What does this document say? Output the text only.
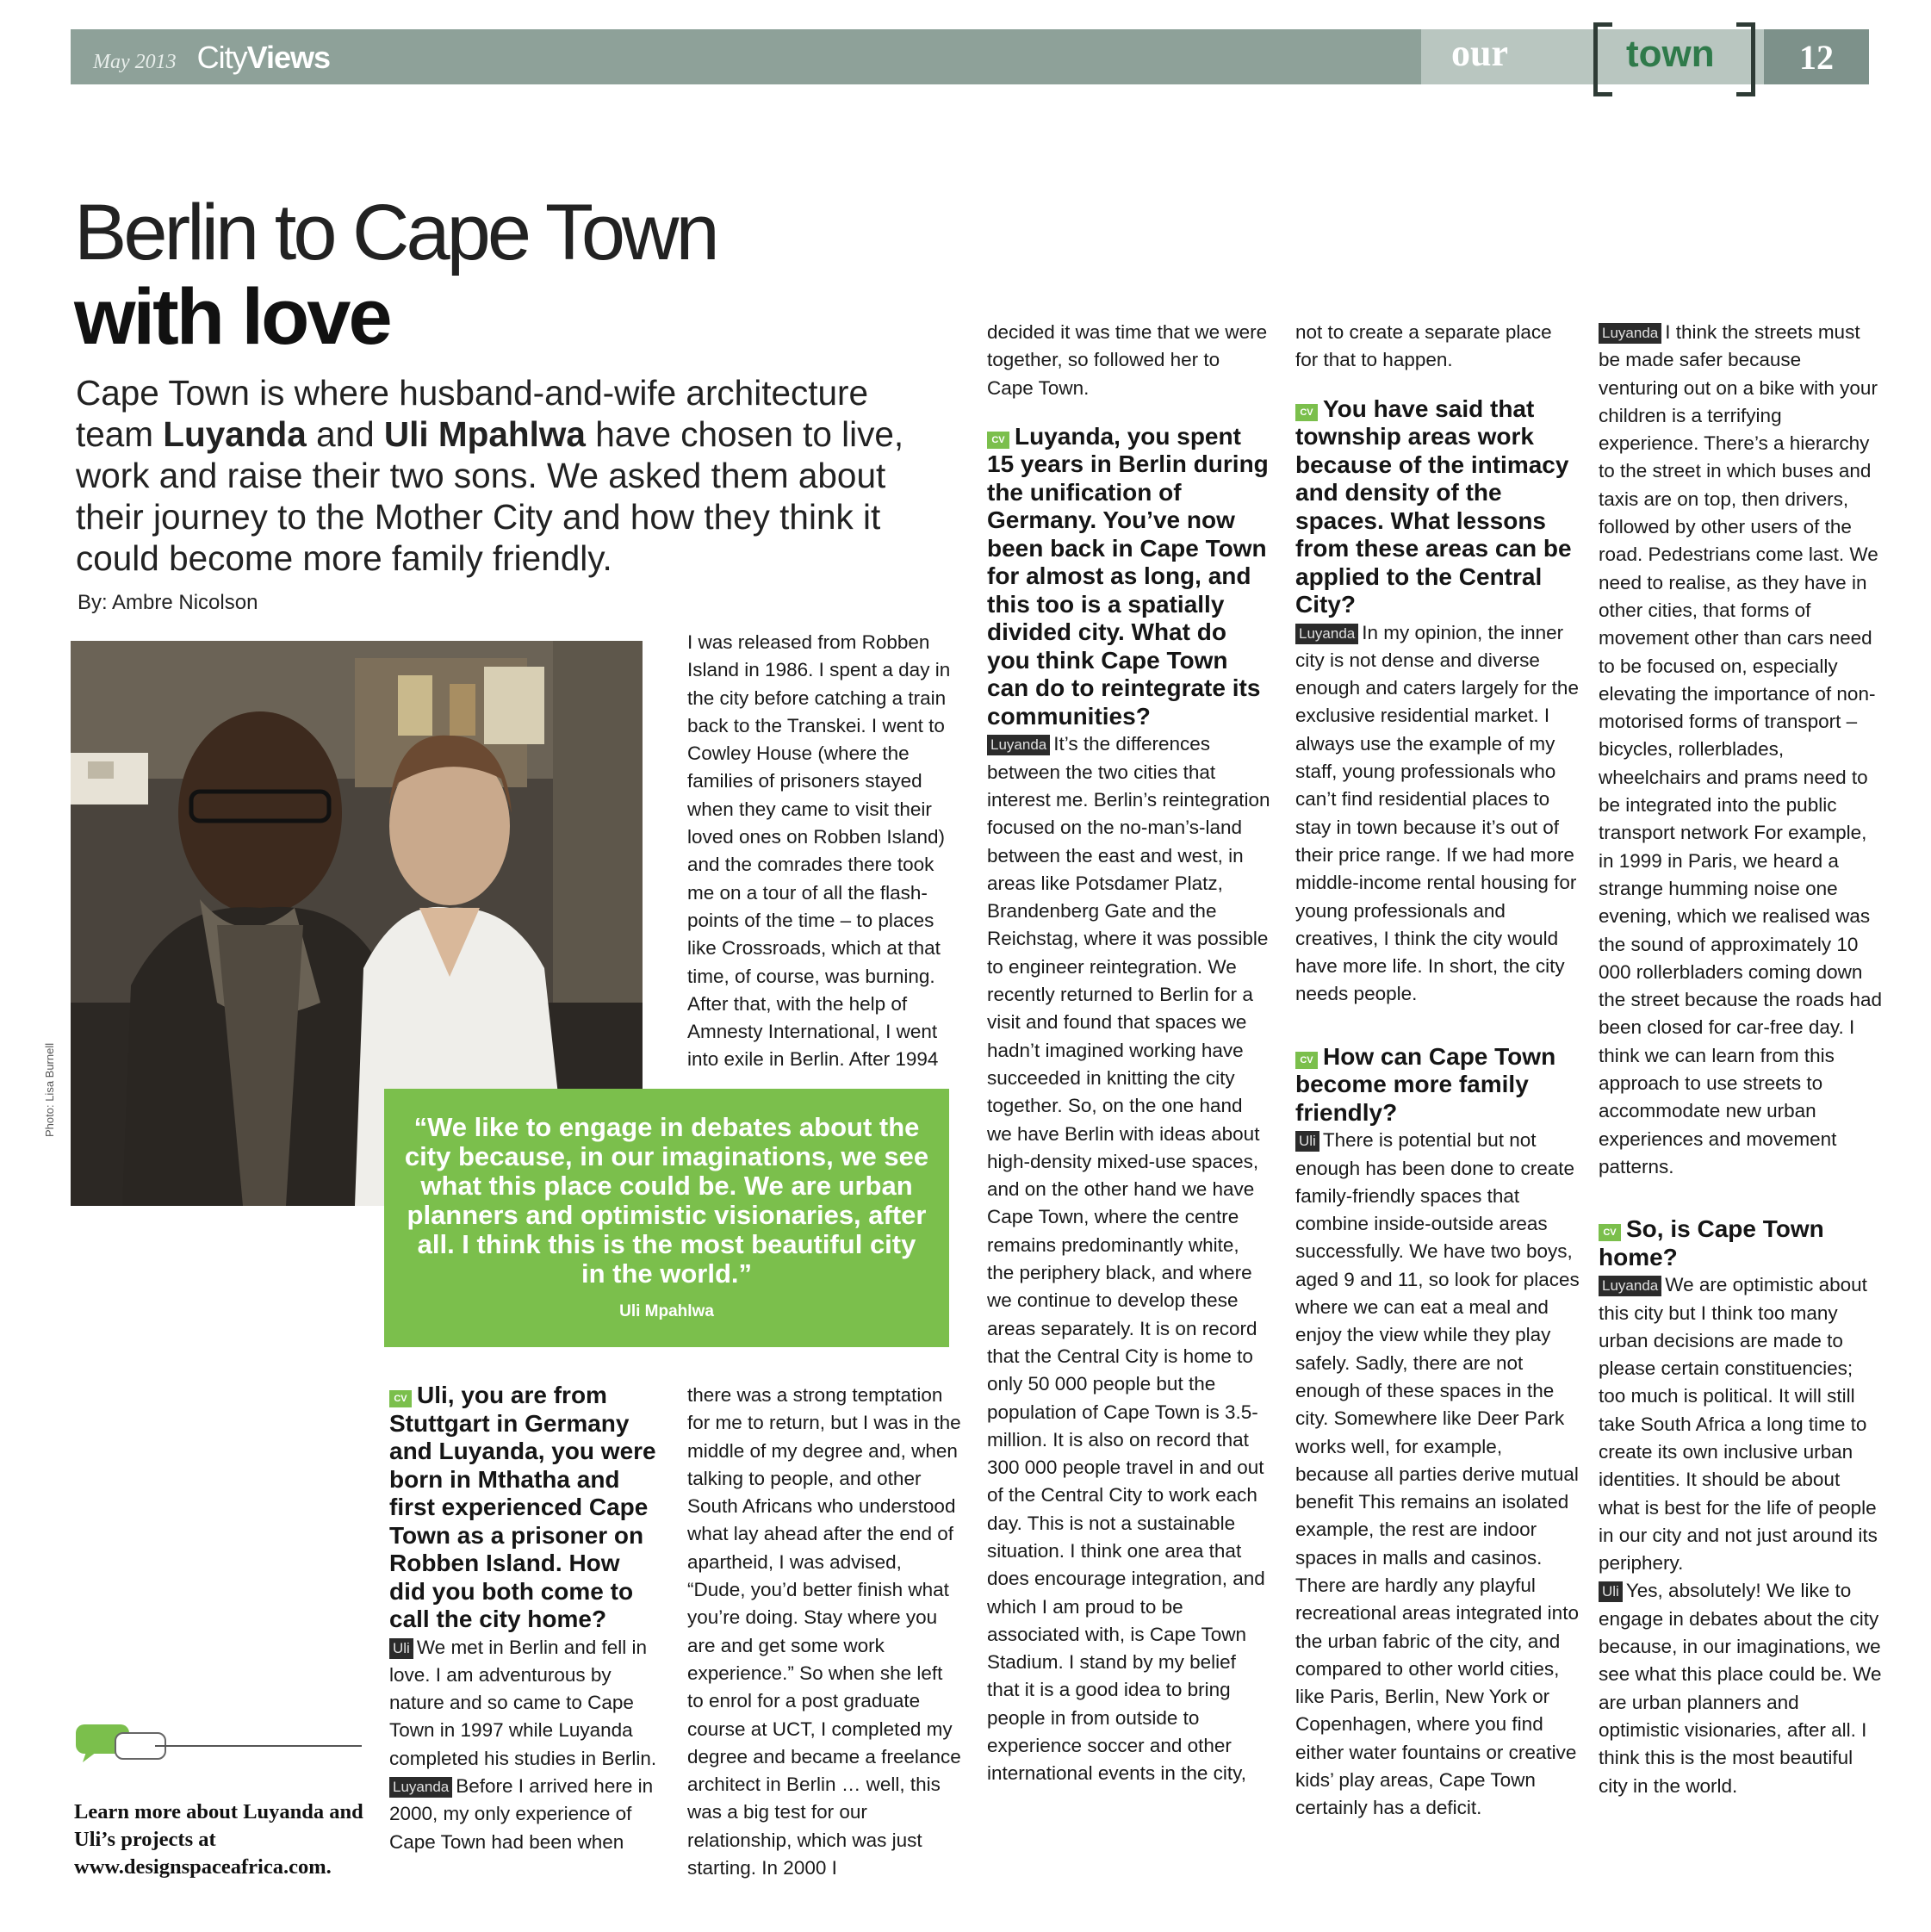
May 2013 CityViews	our	town	12
Berlin to Cape Town
with love
Cape Town is where husband-and-wife architecture team Luyanda and Uli Mpahlwa have chosen to live, work and raise their two sons. We asked them about their journey to the Mother City and how they think it could become more family friendly.
By: Ambre Nicolson
Photo: Lisa Burnell	“We like to engage in debates about the city because, in our imaginations, we see what this place could be. We are urban planners and optimistic visionaries, after all. I think this is the most beautiful city in the world.”
Uli Mpahlwa

I was released from Robben Island in 1986. I spent a day in the city before catching a train back to the Transkei. I went to Cowley House (where the families of prisoners stayed when they came to visit their loved ones on Robben Island) and the comrades there took me on a tour of all the flash-points of the time – to places like Crossroads, which at that time, of course, was burning. After that, with the help of Amnesty International, I went into exile in Berlin. After 1994

CV Uli, you are from Stuttgart in Germany and Luyanda, you were born in Mthatha and first experienced Cape Town as a prisoner on Robben Island. How did you both come to call the city home?

Uli We met in Berlin and fell in love. I am adventurous by nature and so came to Cape Town in 1997 while Luyanda completed his studies in Berlin.

Luyanda Before I arrived here in 2000, my only experience of Cape Town had been when

there was a strong temptation for me to return, but I was in the middle of my degree and, when talking to people, and other South Africans who understood what lay ahead after the end of apartheid, I was advised, “Dude, you’d better finish what you’re doing. Stay where you are and get some work experience.” So when she left to enrol for a post graduate course at UCT, I completed my degree and became a freelance architect in Berlin … well, this was a big test for our relationship, which was just starting. In 2000 I

decided it was time that we were together, so followed her to Cape Town.

CV Luyanda, you spent 15 years in Berlin during the unification of Germany. You’ve now been back in Cape Town for almost as long, and this too is a spatially divided city. What do you think Cape Town can do to reintegrate its communities?

Luyanda It’s the differences between the two cities that interest me. Berlin’s reintegration focused on the no-man’s-land between the east and west, in areas like Potsdamer Platz, Brandenberg Gate and the Reichstag, where it was possible to engineer reintegration. We recently returned to Berlin for a visit and found that spaces we hadn’t imagined working have succeeded in knitting the city together. So, on the one hand we have Berlin with ideas about high-density mixed-use spaces, and on the other hand we have Cape Town, where the centre remains predominantly white, the periphery black, and where we continue to develop these areas separately. It is on record that the Central City is home to only 50 000 people but the population of Cape Town is 3.5-million. It is also on record that 300 000 people travel in and out of the Central City to work each day. This is not a sustainable situation. I think one area that does encourage integration, and which I am proud to be associated with, is Cape Town Stadium. I stand by my belief that it is a good idea to bring people in from outside to experience soccer and other international events in the city,

not to create a separate place for that to happen.

CV You have said that township areas work because of the intimacy and density of the spaces. What lessons from these areas can be applied to the Central City?

Luyanda In my opinion, the inner city is not dense and diverse enough and caters largely for the exclusive residential market. I always use the example of my staff, young professionals who can’t find residential places to stay in town because it’s out of their price range. If we had more middle-income rental housing for young professionals and creatives, I think the city would have more life. In short, the city needs people.

CV How can Cape Town become more family friendly?

Uli There is potential but not enough has been done to create family-friendly spaces that combine inside-outside areas successfully. We have two boys, aged 9 and 11, so look for places where we can eat a meal and enjoy the view while they play safely. Sadly, there are not enough of these spaces in the city. Somewhere like Deer Park works well, for example, because all parties derive mutual benefit This remains an isolated example, the rest are indoor spaces in malls and casinos. There are hardly any playful recreational areas integrated into the urban fabric of the city, and compared to other world cities, like Paris, Berlin, New York or Copenhagen, where you find either water fountains or creative kids’ play areas, Cape Town certainly has a deficit.

Luyanda I think the streets must be made safer because venturing out on a bike with your children is a terrifying experience. There’s a hierarchy to the street in which buses and taxis are on top, then drivers, followed by other users of the road. Pedestrians come last. We need to realise, as they have in other cities, that forms of movement other than cars need to be focused on, especially elevating the importance of non-motorised forms of transport – bicycles, rollerblades, wheelchairs and prams need to be integrated into the public transport network For example, in 1999 in Paris, we heard a strange humming noise one evening, which we realised was the sound of approximately 10 000 rollerbladers coming down the street because the roads had been closed for car-free day. I think we can learn from this approach to use streets to accommodate new urban experiences and movement patterns.

CV So, is Cape Town home?

Luyanda We are optimistic about this city but I think too many urban decisions are made to please certain constituencies; too much is political. It will still take South Africa a long time to create its own inclusive urban identities. It should be about what is best for the life of people in our city and not just around its periphery.

Uli Yes, absolutely! We like to engage in debates about the city because, in our imaginations, we see what this place could be. We are urban planners and optimistic visionaries, after all. I think this is the most beautiful city in the world.

Learn more about Luyanda and Uli’s projects at
www.designspaceafrica.com.
